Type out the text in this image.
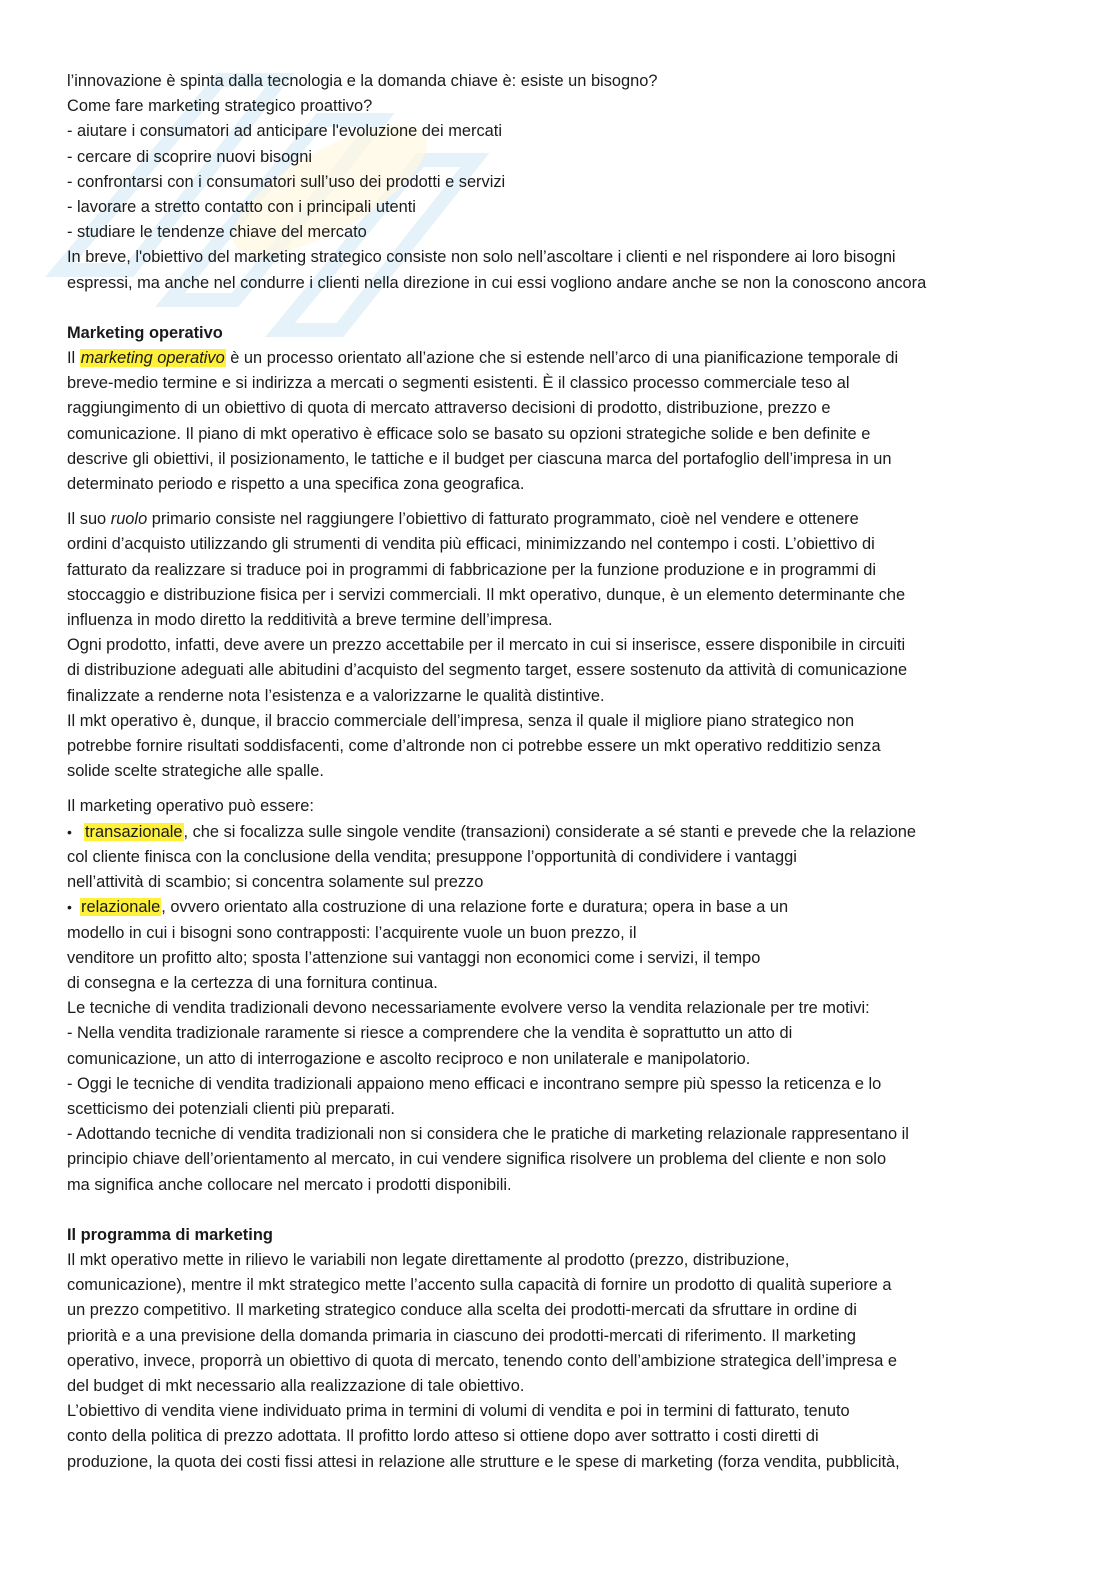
l’innovazione è spinta dalla tecnologia e la domanda chiave è: esiste un bisogno?
Come fare marketing strategico proattivo?
- aiutare i consumatori ad anticipare l'evoluzione dei mercati
- cercare di scoprire nuovi bisogni
- confrontarsi con i consumatori sull’uso dei prodotti e servizi
- lavorare a stretto contatto con i principali utenti
- studiare le tendenze chiave del mercato
In breve, l'obiettivo del marketing strategico consiste non solo nell’ascoltare i clienti e nel rispondere ai loro bisogni
espressi, ma anche nel condurre i clienti nella direzione in cui essi vogliono andare anche se non la conoscono ancora
Marketing operativo
Il marketing operativo è un processo orientato all’azione che si estende nell’arco di una pianificazione temporale di
breve-medio termine e si indirizza a mercati o segmenti esistenti. È il classico processo commerciale teso al
raggiungimento di un obiettivo di quota di mercato attraverso decisioni di prodotto, distribuzione, prezzo e
comunicazione. Il piano di mkt operativo è efficace solo se basato su opzioni strategiche solide e ben definite e
descrive gli obiettivi, il posizionamento, le tattiche e il budget per ciascuna marca del portafoglio dell’impresa in un
determinato periodo e rispetto a una specifica zona geografica.
Il suo ruolo primario consiste nel raggiungere l’obiettivo di fatturato programmato, cioè nel vendere e ottenere
ordini d’acquisto utilizzando gli strumenti di vendita più efficaci, minimizzando nel contempo i costi. L’obiettivo di
fatturato da realizzare si traduce poi in programmi di fabbricazione per la funzione produzione e in programmi di
stoccaggio e distribuzione fisica per i servizi commerciali. Il mkt operativo, dunque, è un elemento determinante che
influenza in modo diretto la redditività a breve termine dell’impresa.
Ogni prodotto, infatti, deve avere un prezzo accettabile per il mercato in cui si inserisce, essere disponibile in circuiti
di distribuzione adeguati alle abitudini d’acquisto del segmento target, essere sostenuto da attività di comunicazione
finalizzate a renderne nota l’esistenza e a valorizzarne le qualità distintive.
Il mkt operativo è, dunque, il braccio commerciale dell’impresa, senza il quale il migliore piano strategico non
potrebbe fornire risultati soddisfacenti, come d’altronde non ci potrebbe essere un mkt operativo redditizio senza
solide scelte strategiche alle spalle.
Il marketing operativo può essere:
• transazionale, che si focalizza sulle singole vendite (transazioni) considerate a sé stanti e prevede che la relazione
col cliente finisca con la conclusione della vendita; presuppone l’opportunità di condividere i vantaggi
nell’attività di scambio; si concentra solamente sul prezzo
• relazionale, ovvero orientato alla costruzione di una relazione forte e duratura; opera in base a un
modello in cui i bisogni sono contrapposti: l’acquirente vuole un buon prezzo, il
venditore un profitto alto; sposta l’attenzione sui vantaggi non economici come i servizi, il tempo
di consegna e la certezza di una fornitura continua.
Le tecniche di vendita tradizionali devono necessariamente evolvere verso la vendita relazionale per tre motivi:
- Nella vendita tradizionale raramente si riesce a comprendere che la vendita è soprattutto un atto di
comunicazione, un atto di interrogazione e ascolto reciproco e non unilaterale e manipolatorio.
- Oggi le tecniche di vendita tradizionali appaiono meno efficaci e incontrano sempre più spesso la reticenza e lo
scetticismo dei potenziali clienti più preparati.
- Adottando tecniche di vendita tradizionali non si considera che le pratiche di marketing relazionale rappresentano il
principio chiave dell’orientamento al mercato, in cui vendere significa risolvere un problema del cliente e non solo
ma significa anche collocare nel mercato i prodotti disponibili.
Il programma di marketing
Il mkt operativo mette in rilievo le variabili non legate direttamente al prodotto (prezzo, distribuzione,
comunicazione), mentre il mkt strategico mette l’accento sulla capacità di fornire un prodotto di qualità superiore a
un prezzo competitivo. Il marketing strategico conduce alla scelta dei prodotti-mercati da sfruttare in ordine di
priorità e a una previsione della domanda primaria in ciascuno dei prodotti-mercati di riferimento. Il marketing
operativo, invece, proporrà un obiettivo di quota di mercato, tenendo conto dell’ambizione strategica dell’impresa e
del budget di mkt necessario alla realizzazione di tale obiettivo.
L’obiettivo di vendita viene individuato prima in termini di volumi di vendita e poi in termini di fatturato, tenuto
conto della politica di prezzo adottata. Il profitto lordo atteso si ottiene dopo aver sottratto i costi diretti di
produzione, la quota dei costi fissi attesi in relazione alle strutture e le spese di marketing (forza vendita, pubblicità,
